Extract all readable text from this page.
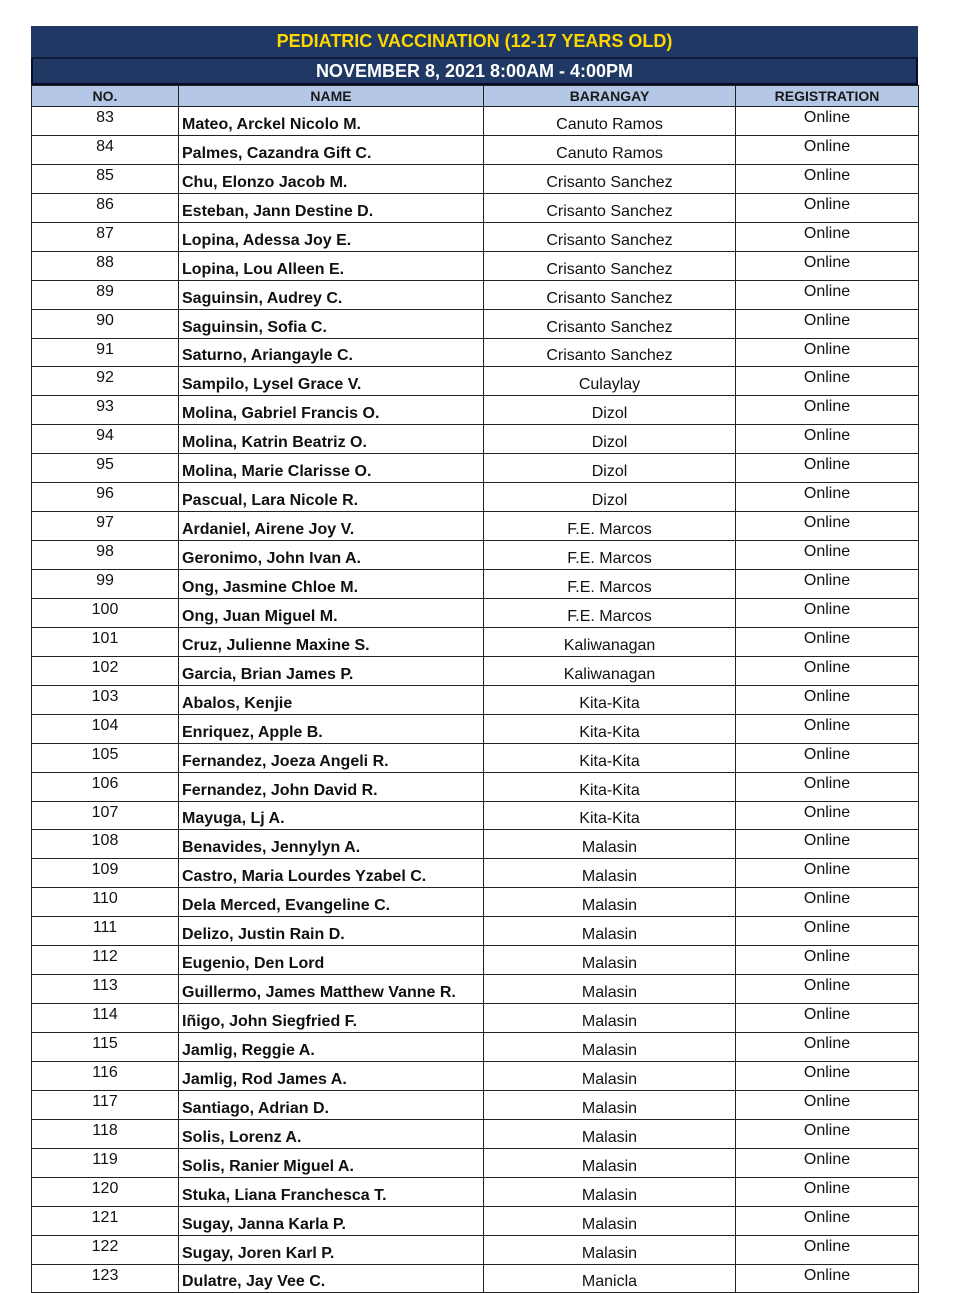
PEDIATRIC VACCINATION (12-17 YEARS OLD)
NOVEMBER 8, 2021 8:00AM - 4:00PM
NO.	NAME	BARANGAY	REGISTRATION
83	Mateo, Arckel Nicolo M.	Canuto Ramos	Online
84	Palmes, Cazandra Gift C.	Canuto Ramos	Online
85	Chu, Elonzo Jacob M.	Crisanto Sanchez	Online
86	Esteban, Jann Destine D.	Crisanto Sanchez	Online
87	Lopina, Adessa Joy E.	Crisanto Sanchez	Online
88	Lopina, Lou Alleen E.	Crisanto Sanchez	Online
89	Saguinsin, Audrey C.	Crisanto Sanchez	Online
90	Saguinsin, Sofia C.	Crisanto Sanchez	Online
91	Saturno, Ariangayle C.	Crisanto Sanchez	Online
92	Sampilo, Lysel Grace V.	Culaylay	Online
93	Molina, Gabriel Francis O.	Dizol	Online
94	Molina, Katrin Beatriz O.	Dizol	Online
95	Molina, Marie Clarisse O.	Dizol	Online
96	Pascual, Lara Nicole R.	Dizol	Online
97	Ardaniel, Airene Joy V.	F.E. Marcos	Online
98	Geronimo, John Ivan A.	F.E. Marcos	Online
99	Ong, Jasmine Chloe M.	F.E. Marcos	Online
100	Ong, Juan Miguel M.	F.E. Marcos	Online
101	Cruz, Julienne Maxine S.	Kaliwanagan	Online
102	Garcia, Brian James P.	Kaliwanagan	Online
103	Abalos, Kenjie	Kita-Kita	Online
104	Enriquez, Apple B.	Kita-Kita	Online
105	Fernandez, Joeza Angeli R.	Kita-Kita	Online
106	Fernandez, John David R.	Kita-Kita	Online
107	Mayuga, Lj A.	Kita-Kita	Online
108	Benavides, Jennylyn A.	Malasin	Online
109	Castro, Maria Lourdes Yzabel C.	Malasin	Online
110	Dela Merced, Evangeline C.	Malasin	Online
111	Delizo, Justin Rain D.	Malasin	Online
112	Eugenio, Den Lord	Malasin	Online
113	Guillermo, James Matthew Vanne R.	Malasin	Online
114	Iñigo, John Siegfried F.	Malasin	Online
115	Jamlig, Reggie A.	Malasin	Online
116	Jamlig, Rod James A.	Malasin	Online
117	Santiago, Adrian D.	Malasin	Online
118	Solis, Lorenz A.	Malasin	Online
119	Solis, Ranier Miguel A.	Malasin	Online
120	Stuka, Liana Franchesca T.	Malasin	Online
121	Sugay, Janna Karla P.	Malasin	Online
122	Sugay, Joren Karl P.	Malasin	Online
123	Dulatre, Jay Vee C.	Manicla	Online
